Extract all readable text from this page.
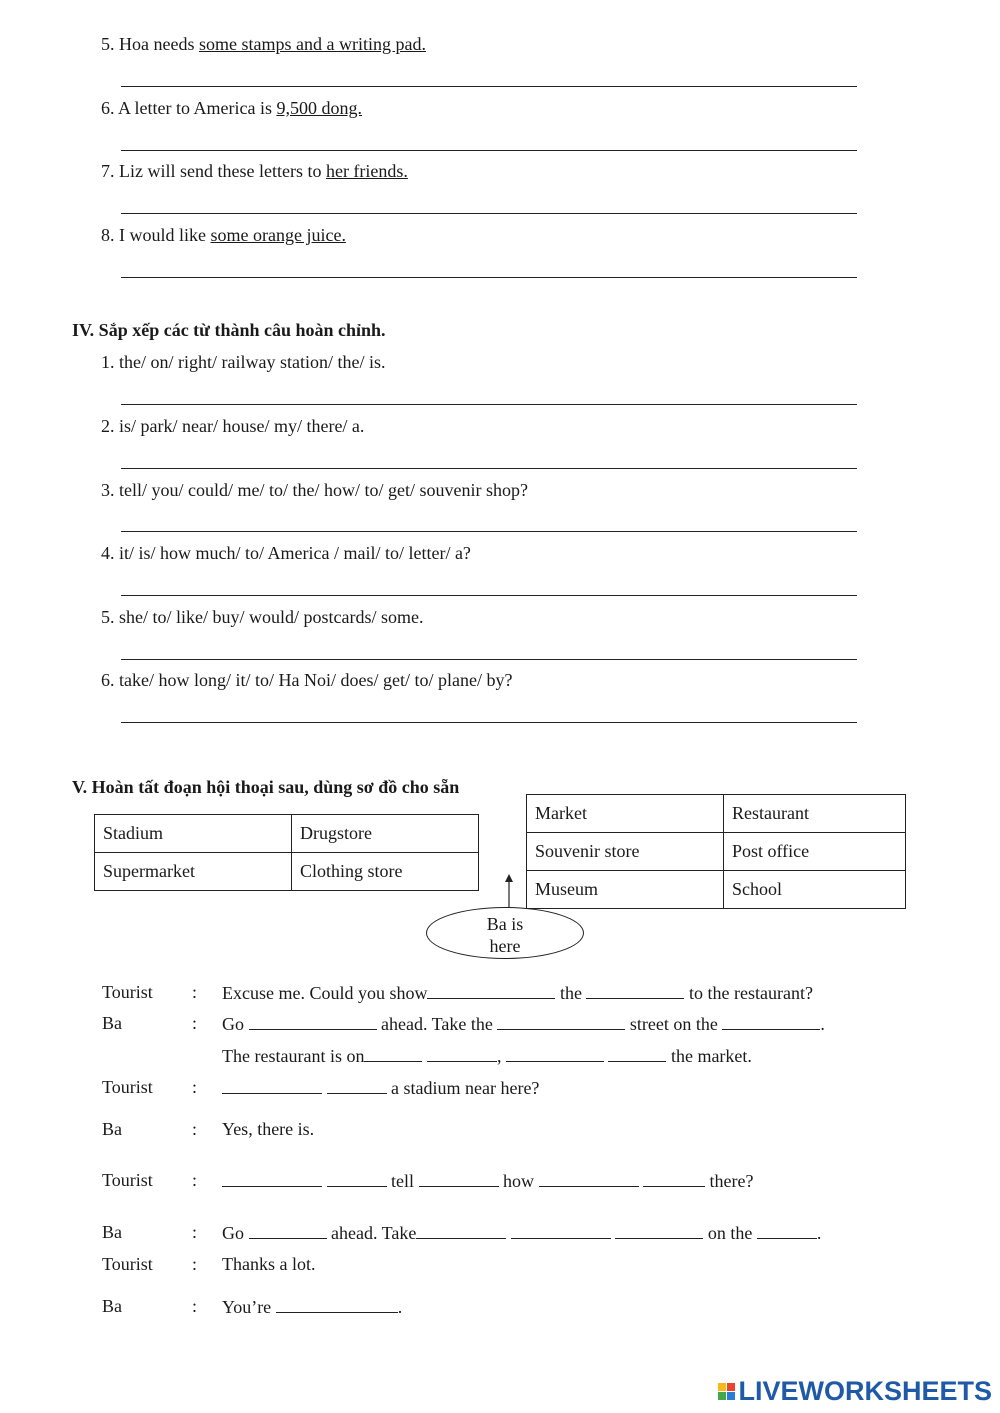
5. Hoa needs some stamps and a writing pad.
6. A letter to America is 9,500 dong.
7. Liz will send these letters to her friends.
8. I would like some orange juice.
IV. Sắp xếp các từ thành câu hoàn chỉnh.
1. the/ on/ right/ railway station/ the/ is.
2. is/ park/ near/ house/ my/ there/ a.
3. tell/ you/ could/ me/ to/ the/ how/ to/ get/ souvenir shop?
4. it/ is/ how much/ to/ America / mail/ to/ letter/ a?
5. she/ to/ like/ buy/ would/ postcards/ some.
6. take/ how long/ it/ to/ Ha Noi/ does/ get/ to/ plane/ by?
V. Hoàn tất đoạn hội thoại sau, dùng sơ đồ cho sẵn
Stadium	Drugstore
Supermarket	Clothing store
Market	Restaurant
Souvenir store	Post office
Museum	School
Ba is
here
Tourist : Excuse me. Could you show	the	to the restaurant?
Ba	: Go	ahead. Take the	street on the	.
The restaurant is on	,	the market.
Tourist :	a stadium near here?
Ba	: Yes, there is.
Tourist :	tell	how	there?
Ba	: Go	ahead. Take	on the	.
Tourist : Thanks a lot.
Ba	: You’re	.
LIVEWORKSHEETS
